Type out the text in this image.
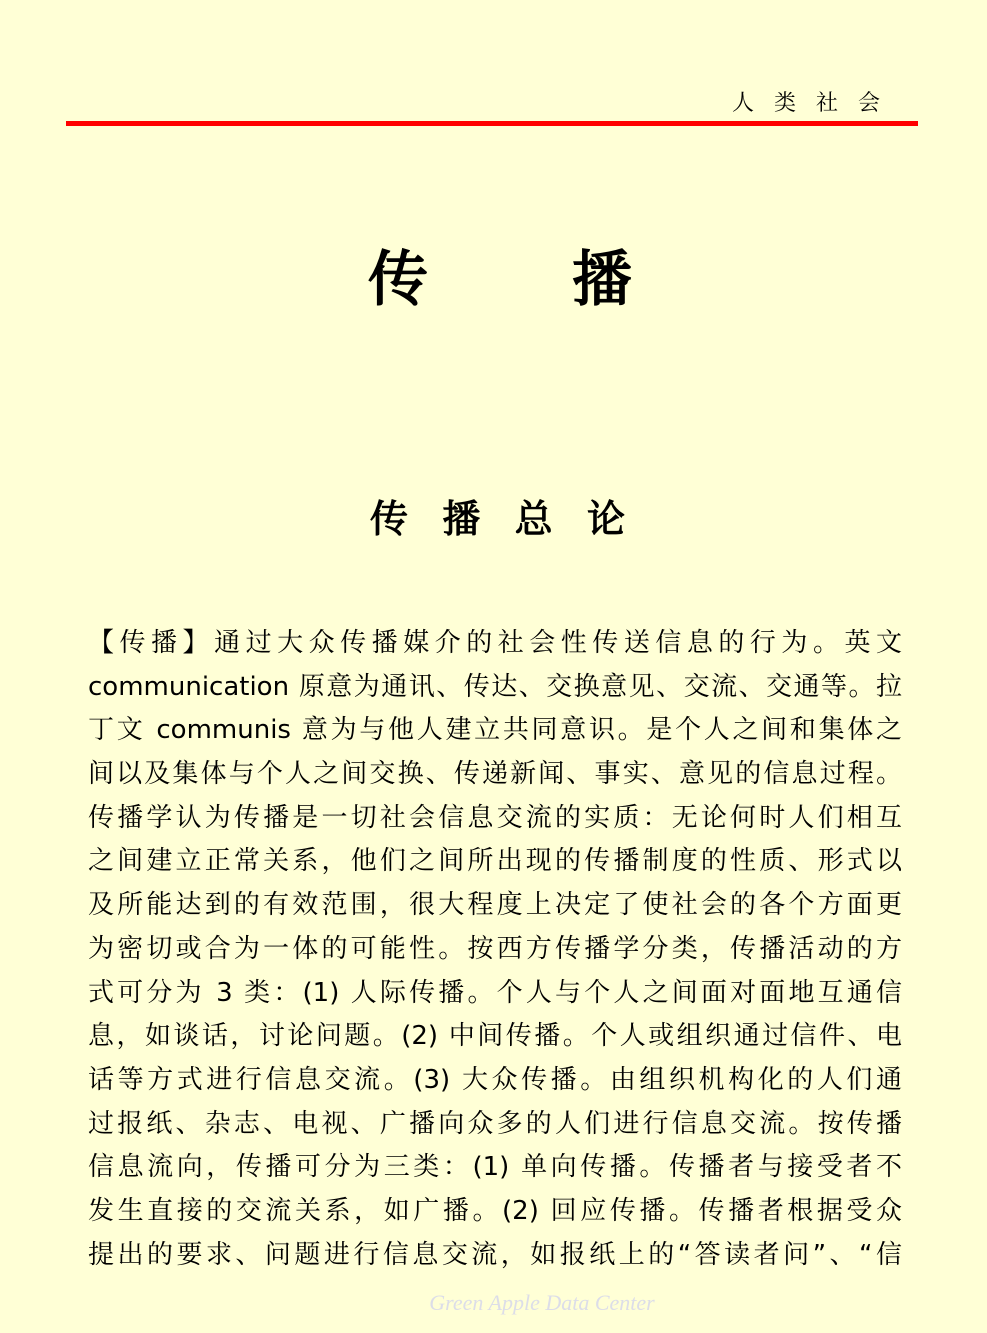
人类社会
传 播
传 播 总 论
【传播】通过大众传播媒介的社会性传送信息的行为。英文
communication 原意为通讯、传达、交换意见、交流、交通等。拉
丁文 communis 意为与他人建立共同意识。是个人之间和集体之
间以及集体与个人之间交换、传递新闻、事实、意见的信息过程。
传播学认为传播是一切社会信息交流的实质：无论何时人们相互
之间建立正常关系，他们之间所出现的传播制度的性质、形式以
及所能达到的有效范围，很大程度上决定了使社会的各个方面更
为密切或合为一体的可能性。按西方传播学分类，传播活动的方
式可分为 3 类：(1) 人际传播。个人与个人之间面对面地互通信
息，如谈话，讨论问题。(2) 中间传播。个人或组织通过信件、电
话等方式进行信息交流。(3) 大众传播。由组织机构化的人们通
过报纸、杂志、电视、广播向众多的人们进行信息交流。按传播
信息流向，传播可分为三类：(1) 单向传播。传播者与接受者不
发生直接的交流关系，如广播。(2) 回应传播。传播者根据受众
提出的要求、问题进行信息交流，如报纸上的“答读者问”、“信
Green Apple Data Center
